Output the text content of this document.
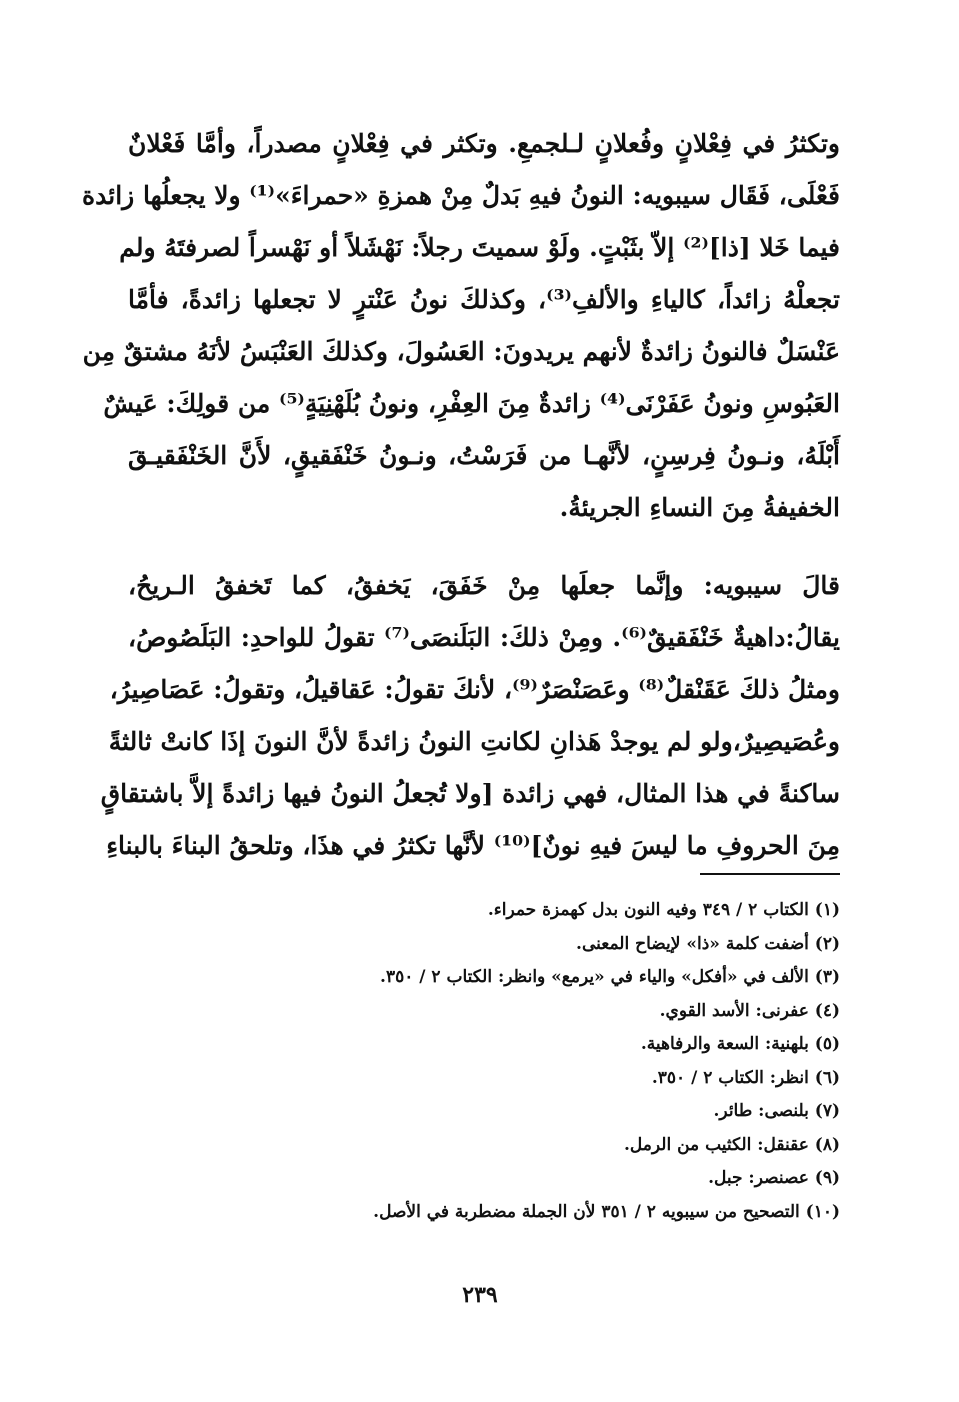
وتكثرُ في فِعْلانٍ وفُعلانٍ لـلجمعِ. وتكثر في فِعْلانٍ مصدراً، وأمَّا فَعْلانٌ
فَعْلَى، فَقَال سيبويه: النونُ فيهِ بَدلٌ مِنْ همزةِ «حمراءَ»⁽¹⁾ ولا يجعلُها زائدة
فيما خَلا [ذا]⁽²⁾ إلاّ بثَبْتٍ. ولَوْ سميتَ رجلاً: نَهْشَلاً أو نَهْسراً لصرفتَهُ ولم
تجعلْهُ زائداً، كالياءِ والألفِ⁽³⁾، وكذلكَ نونُ عَنْترٍ لا تجعلها زائدةً، فأمَّا
عَنْسَلٌ فالنونُ زائدةٌ لأنهم يريدونَ: العَسُولَ، وكذلكَ العَنْبَسُ لأنَهُ مشتقٌ مِن
العَبُوسِ ونونُ عَفَرْنَى⁽⁴⁾ زائدةٌ مِنَ العِفْرِ، ونونُ بُلَهْنِيَةٍ⁽⁵⁾ من قولِكَ: عَيشٌ
أَبْلَهُ، ونـونُ فِرسِنٍ، لأنَّهـا من فَرَسْتُ، ونـونُ خَنْفَقيقٍ، لأَنَّ الخَنْفَقيـقَ
الخفيفةُ مِنَ النساءِ الجريئةُ.
قالَ سيبويه: وإنَّما جعلَها مِنْ خَفَقَ، يَخفقُ، كما تَخفقُ الـريحُ،
يقالُ:داهيةٌ خَنْفَقيقٌ⁽⁶⁾. ومِنْ ذلكَ: البَلَنصَى⁽⁷⁾ تقولُ للواحدِ: البَلَصُوصُ،
ومثلُ ذلكَ عَقَنْقلٌ⁽⁸⁾ وعَصَنْصَرٌ⁽⁹⁾، لأنكَ تقولُ: عَقاقيلُ، وتقولُ: عَصَاصِيرُ،
وعُصَيصِيرٌ،ولو لم يوجدْ هَذانِ لكانتِ النونُ زائدةً لأنَّ النونَ إذَا كانتْ ثالثةً
ساكنةً في هذا المثال، فهي زائدة [ولا تُجعلُ النونُ فيها زائدةً إلاَّ باشتقاقٍ
مِنَ الحروفِ ما ليسَ فيهِ نونٌ]⁽¹⁰⁾ لأنَّها تكثرُ في هذَا، وتلحقُ البناءَ بالبناءِ
(١) الكتاب ٢ / ٣٤٩ وفيه النون بدل كهمزة حمراء.
(٢) أضفت كلمة «ذا» لإيضاح المعنى.
(٣) الألف في «أفكل» والياء في «يرمع» وانظر: الكتاب ٢ / ٣٥٠.
(٤) عفرنى: الأسد القوي.
(٥) بلهنية: السعة والرفاهية.
(٦) انظر: الكتاب ٢ / ٣٥٠.
(٧) بلنصى: طائر.
(٨) عقنقل: الكثيب من الرمل.
(٩) عصنصر: جبل.
(١٠) التصحيح من سيبويه ٢ / ٣٥١ لأن الجملة مضطربة في الأصل.
٢٣٩
